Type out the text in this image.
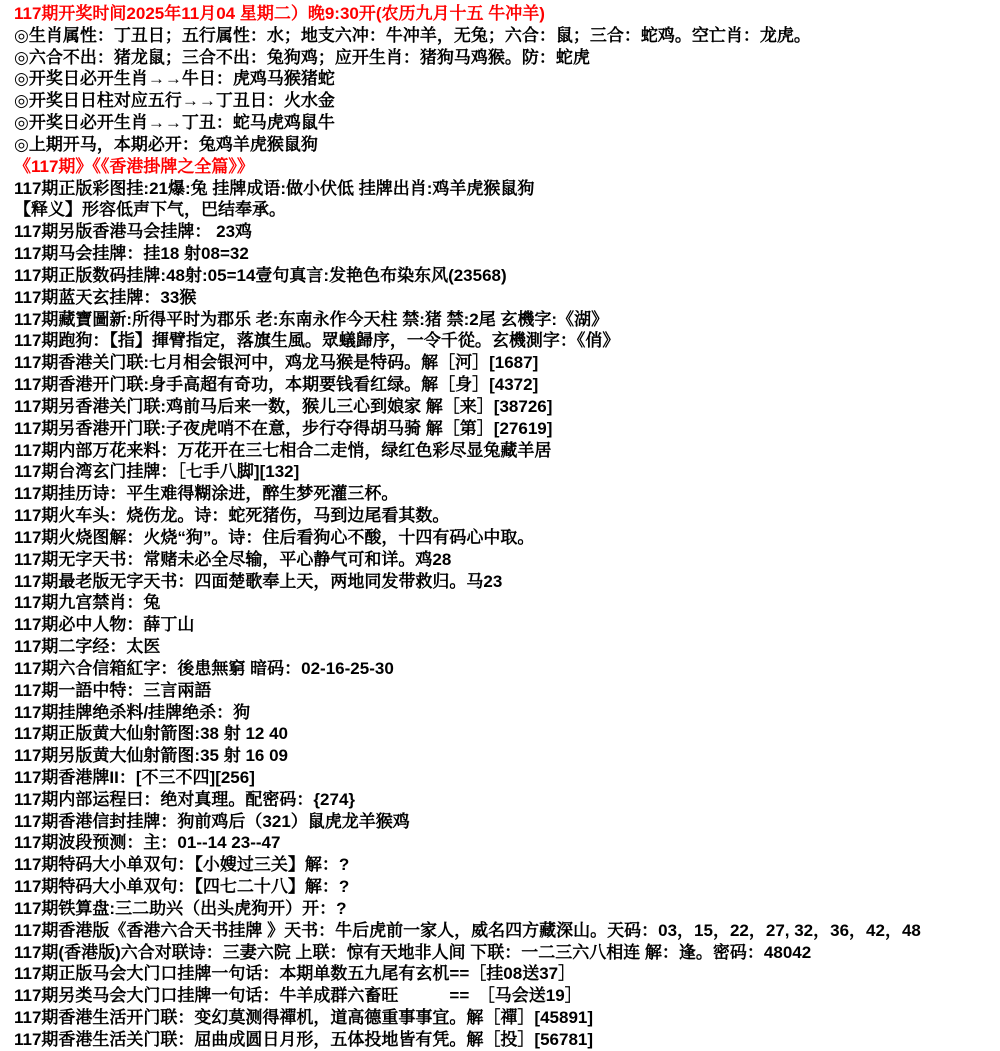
117期开奖时间2025年11月04 星期二）晚9:30开(农历九月十五 牛冲羊)
◎生肖属性：丁丑日；五行属性：水；地支六冲：牛冲羊，无兔；六合：鼠；三合：蛇鸡。空亡肖：龙虎。
◎六合不出：猪龙鼠；三合不出：兔狗鸡；应开生肖：猪狗马鸡猴。防：蛇虎
◎开奖日必开生肖→→牛日：虎鸡马猴猪蛇
◎开奖日日柱对应五行→→丁丑日：火水金
◎开奖日必开生肖→→丁丑：蛇马虎鸡鼠牛
◎上期开马，本期必开：兔鸡羊虎猴鼠狗
《117期》《《香港掛牌之全篇》》
117期正版彩图挂:21爆:兔 挂牌成语:做小伏低 挂牌出肖:鸡羊虎猴鼠狗
【释义】形容低声下气，巴结奉承。
117期另版香港马会挂牌： 23鸡
117期马会挂牌：挂18 射08=32
117期正版数码挂牌:48射:05=14壹句真言:发艳色布染东风(23568)
117期蓝天玄挂牌：33猴
117期藏寶圖新:所得平时为郡乐 老:东南永作今天柱 禁:猪 禁:2尾 玄機字:《湖》
117期跑狗：【指】揮臂指定，落旗生風。眾蟻歸序，一令千從。玄機測字：《俏》
117期香港关门联:七月相会银河中，鸡龙马猴是特码。解［河］[1687]
117期香港开门联:身手高超有奇功，本期要钱看红绿。解［身］[4372]
117期另香港关门联:鸡前马后来一数，猴儿三心到娘家 解［来］[38726]
117期另香港开门联:子夜虎哨不在意，步行夺得胡马骑 解［第］[27619]
117期内部万花来料：万花开在三七相合二走悄，绿红色彩尽显兔藏羊居
117期台湾玄门挂牌：［七手八脚][132]
117期挂历诗：平生难得糊涂进，醉生梦死灌三杯。
117期火车头：烧伤龙。诗：蛇死猪伤，马到边尾看其数。
117期火烧图解：火烧“狗”。诗：住后看狗心不酸，十四有码心中取。
117期无字天书：常赌未必全尽输，平心静气可和详。鸡28
117期最老版无字天书：四面楚歌奉上天，两地同发带救归。马23
117期九宫禁肖：兔
117期必中人物：薛丁山
117期二字经：太医
117期六合信箱紅字：後患無窮 暗码：02-16-25-30
117期一語中特：三言兩語
117期挂牌绝杀料/挂牌绝杀：狗
117期正版黄大仙射箭图:38 射 12 40
117期另版黄大仙射箭图:35 射 16 09
117期香港牌II：[不三不四][256]
117期内部运程曰：绝对真理。配密码：{274}
117期香港信封挂牌：狗前鸡后（321）鼠虎龙羊猴鸡
117期波段预测：主：01--14 23--47
117期特码大小单双句：【小嫂过三关】解：?
117期特码大小单双句：【四七二十八】解：?
117期铁算盘:三二助兴（出头虎狗开）开：?
117期香港版《香港六合天书挂牌 》天书：牛后虎前一家人，威名四方藏深山。天码：03，15，22，27, 32，36，42，48
117期(香港版)六合对联诗：三妻六院 上联：惊有天地非人间 下联：一二三六八相连 解：逢。密码：48042
117期正版马会大门口挂牌一句话：本期单数五九尾有玄机==［挂08送37］
117期另类马会大门口挂牌一句话：牛羊成群六畜旺　　　==　［马会送19］
117期香港生活开门联：变幻莫测得禪机，道高德重事事宜。解［禪］[45891]
117期香港生活关门联：屈曲成圆日月形，五体投地皆有凭。解［投］[56781]
